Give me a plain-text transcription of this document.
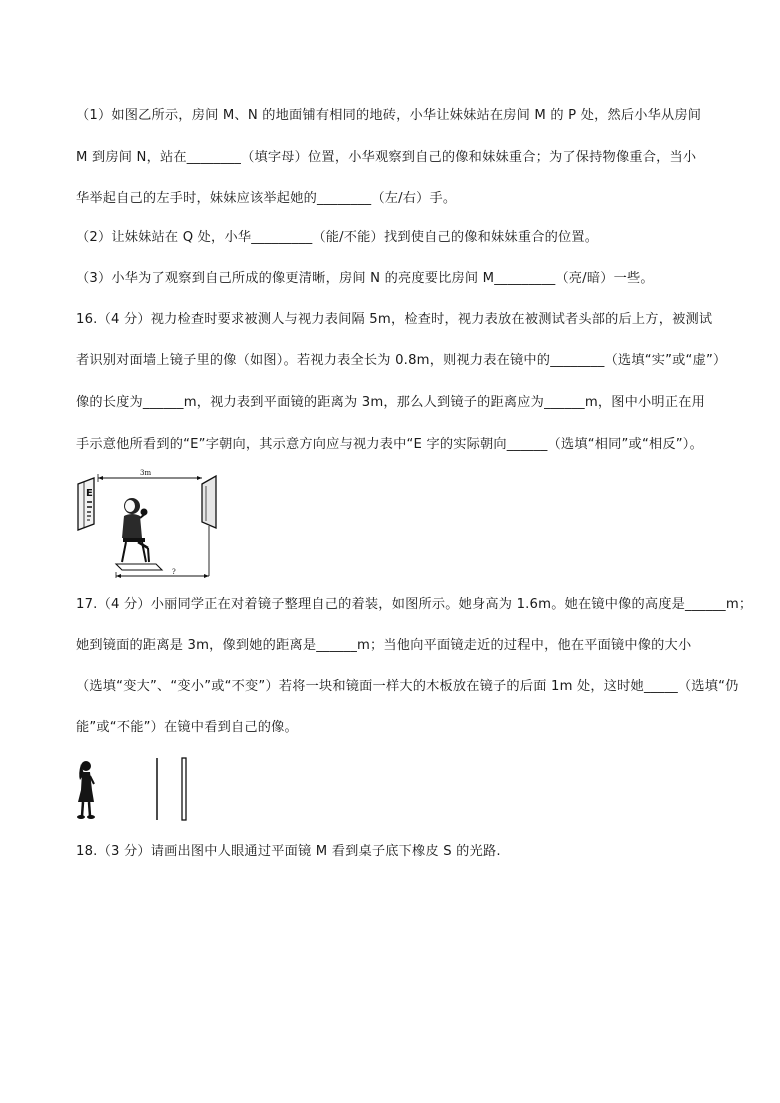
（1）如图乙所示，房间 M、N 的地面铺有相同的地砖，小华让妹妹站在房间 M 的 P 处，然后小华从房间
M 到房间 N，站在________（填字母）位置，小华观察到自己的像和妹妹重合；为了保持物像重合，当小
华举起自己的左手时，妹妹应该举起她的________（左/右）手。
（2）让妹妹站在 Q 处，小华_________（能/不能）找到使自己的像和妹妹重合的位置。
（3）小华为了观察到自己所成的像更清晰，房间 N 的亮度要比房间 M_________（亮/暗）一些。
16.（4 分）视力检查时要求被测人与视力表间隔 5m，检查时，视力表放在被测试者头部的后上方，被测试
者识别对面墙上镜子里的像（如图）。若视力表全长为 0.8m，则视力表在镜中的________（选填“实”或“虚”）
像的长度为______m，视力表到平面镜的距离为 3m，那么人到镜子的距离应为______m，图中小明正在用
手示意他所看到的“E”字朝向，其示意方向应与视力表中“E 字的实际朝向______（选填“相同”或“相反”）。
E
3m
?
17.（4 分）小丽同学正在对着镜子整理自己的着装，如图所示。她身高为 1.6m。她在镜中像的高度是______m；
她到镜面的距离是 3m，像到她的距离是______m；当他向平面镜走近的过程中，他在平面镜中像的大小
（选填“变大”、“变小”或“不变”）若将一块和镜面一样大的木板放在镜子的后面 1m 处，这时她_____（选填“仍
能”或“不能”）在镜中看到自己的像。
18.（3 分）请画出图中人眼通过平面镜 M 看到桌子底下橡皮 S 的光路.
